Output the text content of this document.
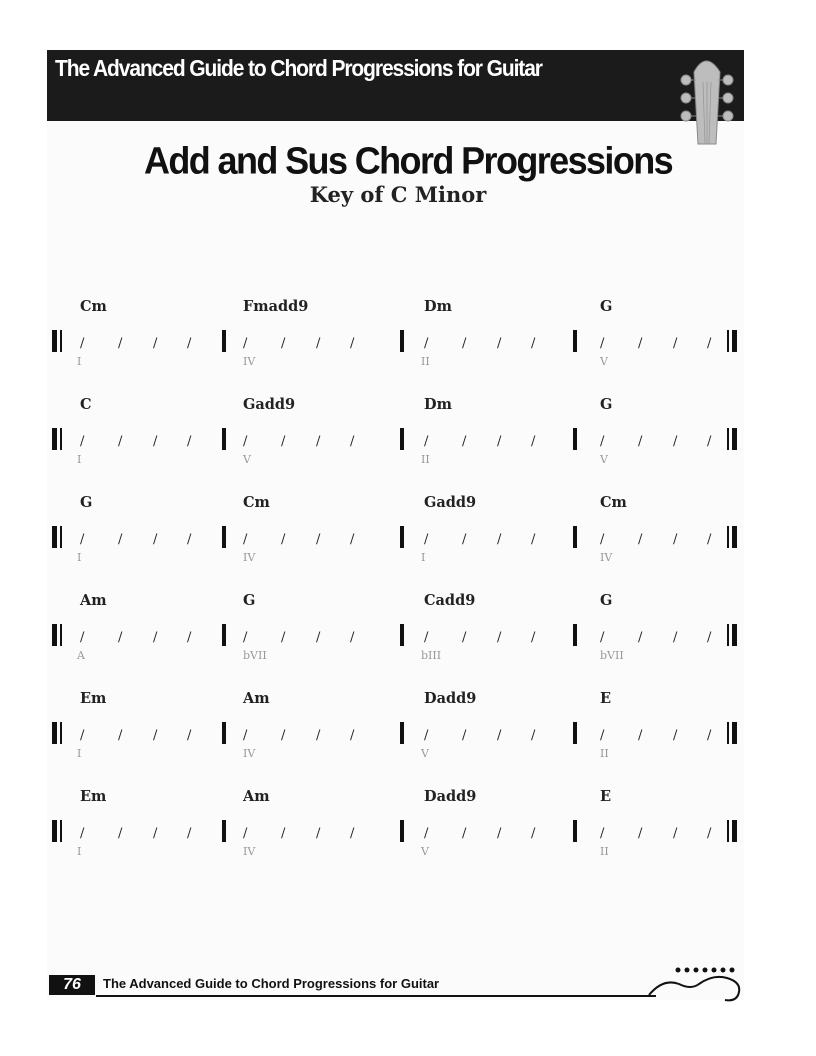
The Advanced Guide to Chord Progressions for Guitar
Add and Sus Chord Progressions
Key of C Minor
Cm
/	/ / /
I
Fmadd9
/	/ / /
IV
Dm
/	/ / /
II
G
/	/ / /
V
C
/	/ / /
I
Gadd9
/	/ / /
V
Dm
/	/ / /
II
G
/	/ / /
V
G
/	/ / /
I
Cm
/	/ / /
IV
Gadd9
/	/ / /
I
Cm
/	/ / /
IV
Am
/	/ / /
A
G
/	/ / /
bVII
Cadd9
/	/ / /
bIII
G
/	/ / /
bVII
Em
/	/ / /
I
Am
/	/ / /
IV
Dadd9
/	/ / /
V
E
/	/ / /
II
Em
/	/ / /
I
Am
/	/ / /
IV
Dadd9
/	/ / /
V
E
/	/ / /
II
76	The Advanced Guide to Chord Progressions for Guitar
